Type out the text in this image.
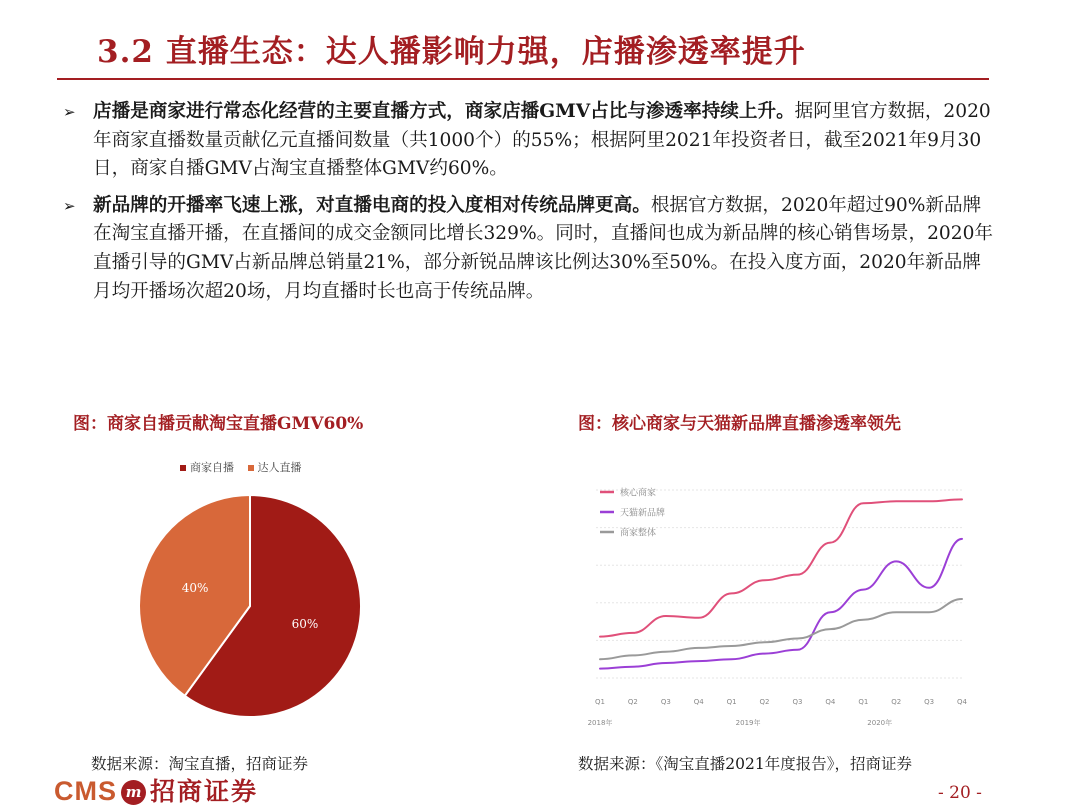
3.2 直播生态：达人播影响力强，店播渗透率提升
➢ 店播是商家进行常态化经营的主要直播方式，商家店播GMV占比与渗透率持续上升。据阿里官方数据，2020年商家直播数量贡献亿元直播间数量（共1000个）的55%；根据阿里2021年投资者日，截至2021年9月30日，商家自播GMV占淘宝直播整体GMV约60%。
➢ 新品牌的开播率飞速上涨，对直播电商的投入度相对传统品牌更高。根据官方数据，2020年超过90%新品牌在淘宝直播开播，在直播间的成交金额同比增长329%。同时，直播间也成为新品牌的核心销售场景，2020年直播引导的GMV占新品牌总销量21%，部分新锐品牌该比例达30%至50%。在投入度方面，2020年新品牌月均开播场次超20场，月均直播时长也高于传统品牌。
图：商家自播贡献淘宝直播GMV60%	图：核心商家与天猫新品牌直播渗透率领先
商家自播 达人直播
60%
40%
核心商家
天猫新品牌
商家整体
Q1	Q2	Q3	Q4	Q1	Q2	Q3	Q4	Q1	Q2	Q3	Q4
2018年	2019年	2020年
数据来源：淘宝直播，招商证券	数据来源：《淘宝直播2021年度报告》，招商证券
CMS m 招商证券	- 20 -
